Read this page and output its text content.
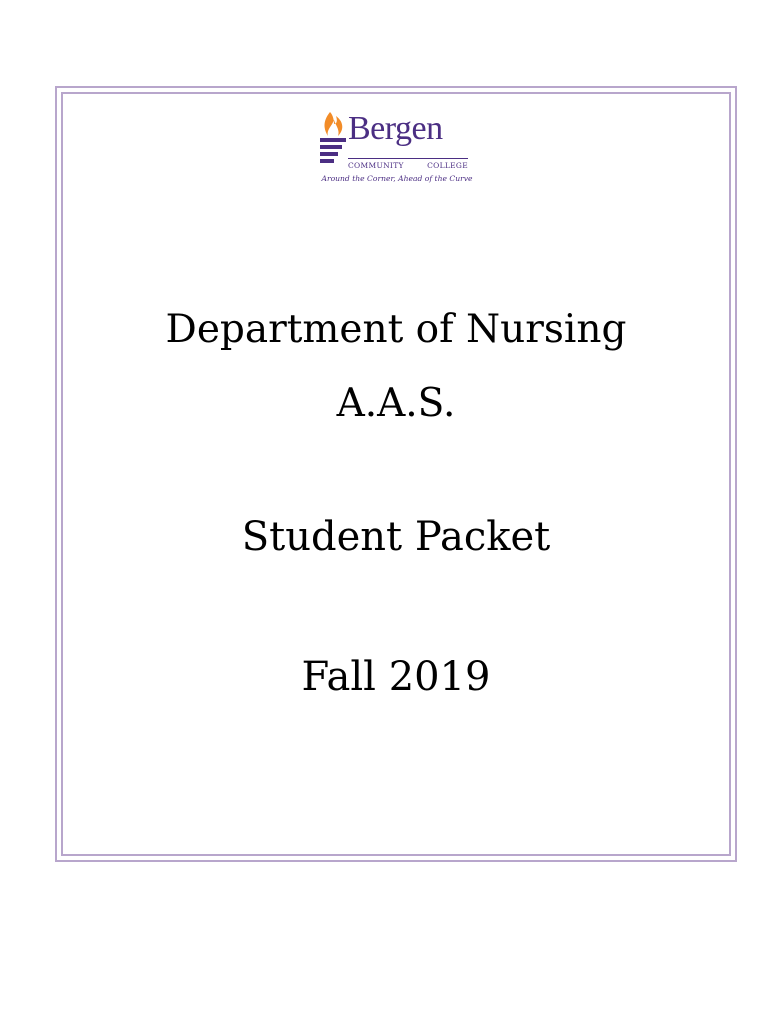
Bergen
COMMUNITY	COLLEGE
Around the Corner, Ahead of the Curve
Department of Nursing
A.A.S.
Student Packet
Fall 2019
